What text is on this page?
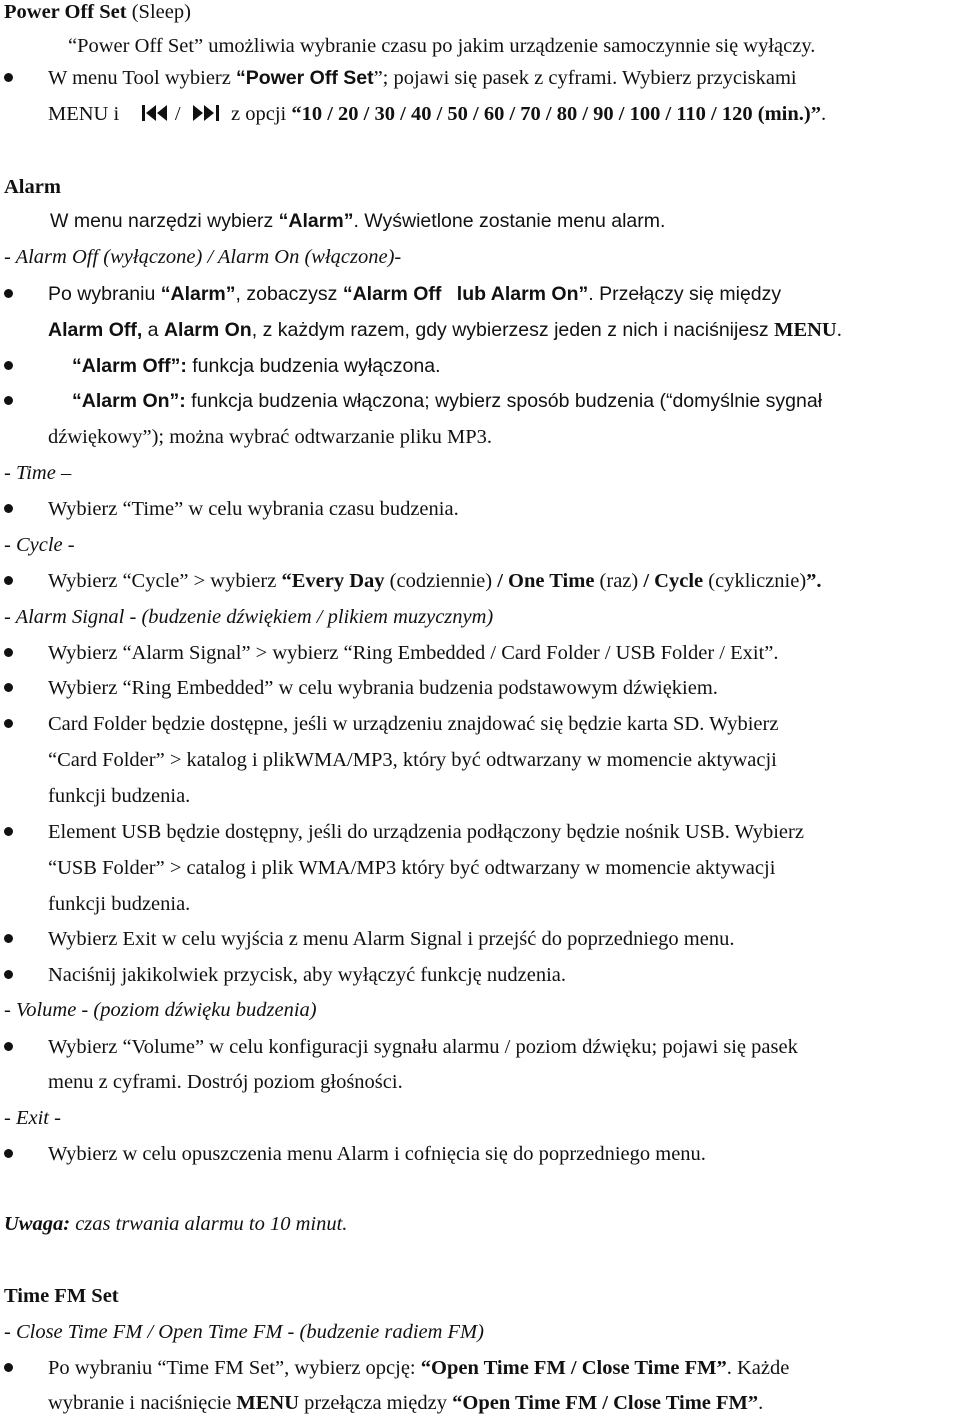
Power Off Set (Sleep)
“Power Off Set” umożliwia wybranie czasu po jakim urządzenie samoczynnie się wyłączy.
W menu Tool wybierz “Power Off Set”; pojawi się pasek z cyframi. Wybierz przyciskami
MENU i
/
z opcji “10 / 20 / 30 / 40 / 50 / 60 / 70 / 80 / 90 / 100 / 110 / 120 (min.)”.
Alarm
W menu narzędzi wybierz “Alarm”. Wyświetlone zostanie menu alarm.
- Alarm Off (wyłączone) / Alarm On (włączone)-
Po wybraniu “Alarm”, zobaczysz “Alarm Off lub Alarm On”. Przełączy się między
Alarm Off, a Alarm On, z każdym razem, gdy wybierzesz jeden z nich i naciśnijesz MENU.
“Alarm Off”: funkcja budzenia wyłączona.
“Alarm On”: funkcja budzenia włączona; wybierz sposób budzenia (“domyślnie sygnał
dźwiękowy”); można wybrać odtwarzanie pliku MP3.
- Time –
Wybierz “Time” w celu wybrania czasu budzenia.
- Cycle -
Wybierz “Cycle” > wybierz “Every Day (codziennie) / One Time (raz) / Cycle (cyklicznie)”.
- Alarm Signal - (budzenie dźwiękiem / plikiem muzycznym)
Wybierz “Alarm Signal” > wybierz “Ring Embedded / Card Folder / USB Folder / Exit”.
Wybierz “Ring Embedded” w celu wybrania budzenia podstawowym dźwiękiem.
Card Folder będzie dostępne, jeśli w urządzeniu znajdować się będzie karta SD. Wybierz
“Card Folder” > katalog i plikWMA/MP3, który być odtwarzany w momencie aktywacji
funkcji budzenia.
Element USB będzie dostępny, jeśli do urządzenia podłączony będzie nośnik USB. Wybierz
“USB Folder” > catalog i plik WMA/MP3 który być odtwarzany w momencie aktywacji
funkcji budzenia.
Wybierz Exit w celu wyjścia z menu Alarm Signal i przejść do poprzedniego menu.
Naciśnij jakikolwiek przycisk, aby wyłączyć funkcję nudzenia.
- Volume - (poziom dźwięku budzenia)
Wybierz “Volume” w celu konfiguracji sygnału alarmu / poziom dźwięku; pojawi się pasek
menu z cyframi. Dostrój poziom głośności.
- Exit -
Wybierz w celu opuszczenia menu Alarm i cofnięcia się do poprzedniego menu.
Uwaga: czas trwania alarmu to 10 minut.
Time FM Set
- Close Time FM / Open Time FM - (budzenie radiem FM)
Po wybraniu “Time FM Set”, wybierz opcję: “Open Time FM / Close Time FM”. Każde
wybranie i naciśnięcie MENU przełącza między “Open Time FM / Close Time FM”.
